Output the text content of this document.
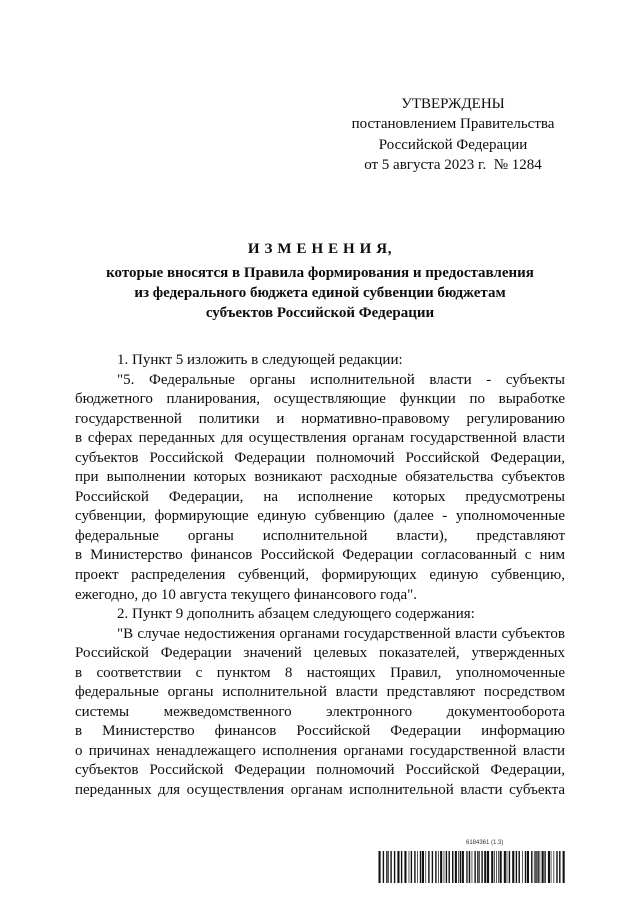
УТВЕРЖДЕНЫ
постановлением Правительства
Российской Федерации
от 5 августа 2023 г.  № 1284
И З М Е Н Е Н И Я,
которые вносятся в Правила формирования и предоставления
из федерального бюджета единой субвенции бюджетам
субъектов Российской Федерации
1. Пункт 5 изложить в следующей редакции:
"5. Федеральные органы исполнительной власти - субъекты
бюджетного планирования, осуществляющие функции по выработке
государственной политики и нормативно-правовому регулированию
в сферах переданных для осуществления органам государственной власти
субъектов Российской Федерации полномочий Российской Федерации,
при выполнении которых возникают расходные обязательства субъектов
Российской Федерации, на исполнение которых предусмотрены
субвенции, формирующие единую субвенцию (далее - уполномоченные
федеральные органы исполнительной власти), представляют
в Министерство финансов Российской Федерации согласованный с ним
проект распределения субвенций, формирующих единую субвенцию,
ежегодно, до 10 августа текущего финансового года".
2. Пункт 9 дополнить абзацем следующего содержания:
"В случае недостижения органами государственной власти субъектов
Российской Федерации значений целевых показателей, утвержденных
в соответствии с пунктом 8 настоящих Правил, уполномоченные
федеральные органы исполнительной власти представляют посредством
системы межведомственного электронного документооборота
в Министерство финансов Российской Федерации информацию
о причинах ненадлежащего исполнения органами государственной власти
субъектов Российской Федерации полномочий Российской Федерации,
переданных для осуществления органам исполнительной власти субъекта
6184361 (1.3)
